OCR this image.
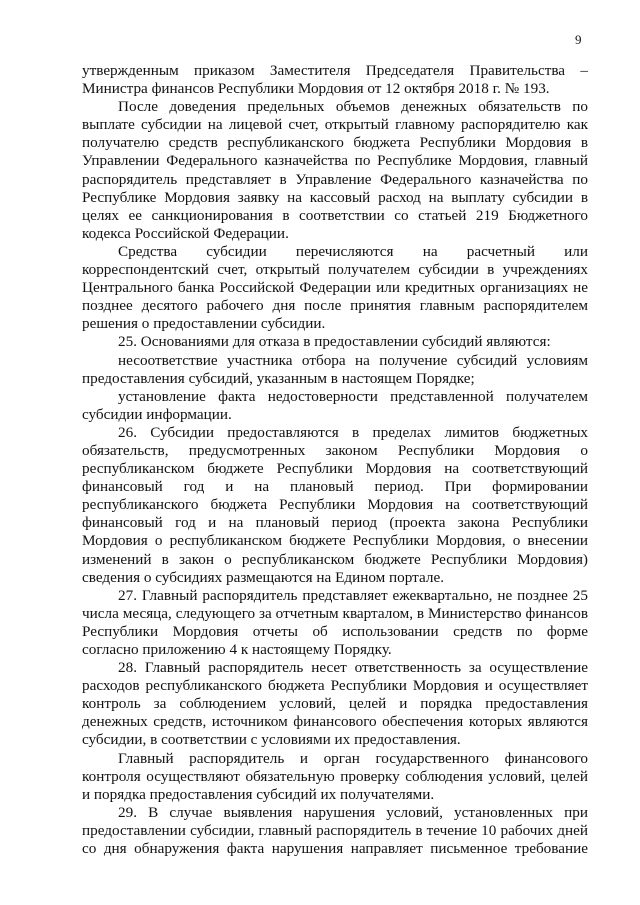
9
утвержденным приказом Заместителя Председателя Правительства –
Министра финансов Республики Мордовия от 12 октября 2018 г. № 193.
После доведения предельных объемов денежных обязательств по
выплате субсидии на лицевой счет, открытый главному распорядителю как
получателю средств республиканского бюджета Республики Мордовия в
Управлении Федерального казначейства по Республике Мордовия, главный
распорядитель представляет в Управление Федерального казначейства по
Республике Мордовия заявку на кассовый расход на выплату субсидии в
целях ее санкционирования в соответствии со статьей 219 Бюджетного
кодекса Российской Федерации.
Средства субсидии перечисляются на расчетный или
корреспондентский счет, открытый получателем субсидии в учреждениях
Центрального банка Российской Федерации или кредитных организациях не
позднее десятого рабочего дня после принятия главным распорядителем
решения о предоставлении субсидии.
25. Основаниями для отказа в предоставлении субсидий являются:
несоответствие участника отбора на получение субсидий условиям
предоставления субсидий, указанным в настоящем Порядке;
установление факта недостоверности представленной получателем
субсидии информации.
26. Субсидии предоставляются в пределах лимитов бюджетных
обязательств, предусмотренных законом Республики Мордовия о
республиканском бюджете Республики Мордовия на соответствующий
финансовый год и на плановый период. При формировании
республиканского бюджета Республики Мордовия на соответствующий
финансовый год и на плановый период (проекта закона Республики
Мордовия о республиканском бюджете Республики Мордовия, о внесении
изменений в закон о республиканском бюджете Республики Мордовия)
сведения о субсидиях размещаются на Едином портале.
27. Главный распорядитель представляет ежеквартально, не позднее 25
числа месяца, следующего за отчетным кварталом, в Министерство финансов
Республики Мордовия отчеты об использовании средств по форме
согласно приложению 4 к настоящему Порядку.
28. Главный распорядитель несет ответственность за осуществление
расходов республиканского бюджета Республики Мордовия и осуществляет
контроль за соблюдением условий, целей и порядка предоставления
денежных средств, источником финансового обеспечения которых являются
субсидии, в соответствии с условиями их предоставления.
Главный распорядитель и орган государственного финансового
контроля осуществляют обязательную проверку соблюдения условий, целей
и порядка предоставления субсидий их получателями.
29. В случае выявления нарушения условий, установленных при
предоставлении субсидии, главный распорядитель в течение 10 рабочих дней
со дня обнаружения факта нарушения направляет письменное требование
